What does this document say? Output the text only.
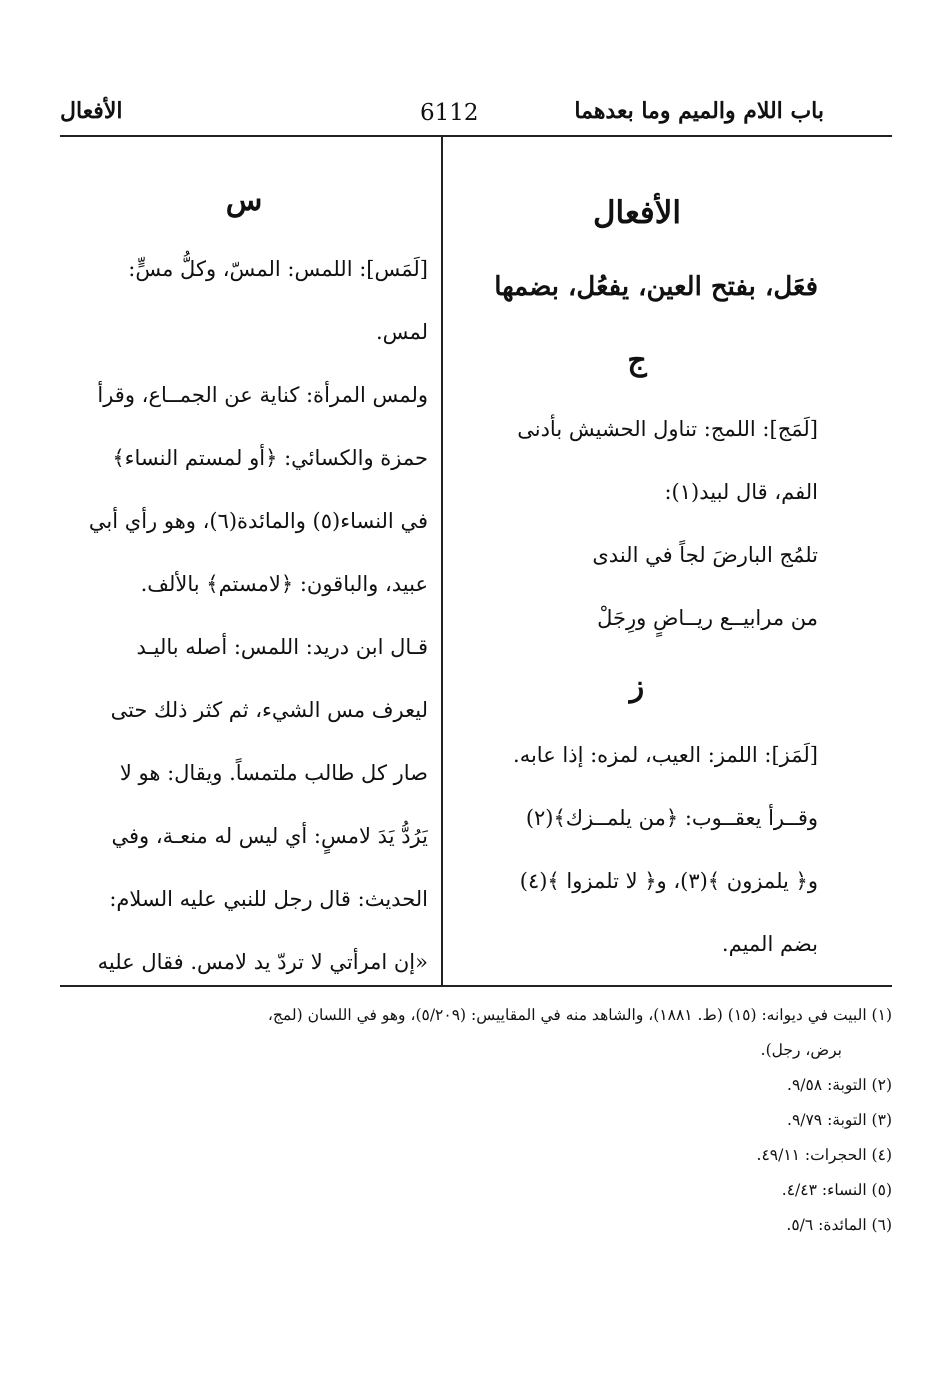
باب اللام والميم وما بعدهما
6112
الأفعال
الأفعال
فعَل، بفتح العين، يفعُل، بضمها
ج
[لَمَج]: اللمج: تناول الحشيش بأدنى
الفم، قال لبيد(١):
تلمُج البارضَ لجاً في الندى
من مرابيــع ريــاضٍ ورِجَلْ
ز
[لَمَز]: اللمز: العيب، لمزه: إذا عابه.
وقــرأ يعقــوب: ﴿من يلمــزك﴾(٢)
و﴿ يلمزون ﴾(٣)، و﴿ لا تلمزوا ﴾(٤)
بضم الميم.
س
[لَمَس]: اللمس: المسّ، وكلُّ مسٍّ:
لمس.
ولمس المرأة: كناية عن الجمــاع، وقرأ
حمزة والكسائي: ﴿أو لمستم النساء﴾
في النساء(٥) والمائدة(٦)، وهو رأي أبي
عبيد، والباقون: ﴿لامستم﴾ بالألف.
قـال ابن دريد: اللمس: أصله باليـد
ليعرف مس الشيء، ثم كثر ذلك حتى
صار كل طالب ملتمساً. ويقال: هو لا
يَرُدُّ يَدَ لامسٍ: أي ليس له منعـة، وفي
الحديث: قال رجل للنبي عليه السلام:
«إن امرأتي لا تردّ يد لامس. فقال عليه
(١) البيت في ديوانه: (١٥) (ط. ١٨٨١)، والشاهد منه في المقاييس: (٥/٢٠٩)، وهو في اللسان (لمج،
برض، رجل).
(٢) التوبة: ٩/٥٨.
(٣) التوبة: ٩/٧٩.
(٤) الحجرات: ٤٩/١١.
(٥) النساء: ٤/٤٣.
(٦) المائدة: ٥/٦.
